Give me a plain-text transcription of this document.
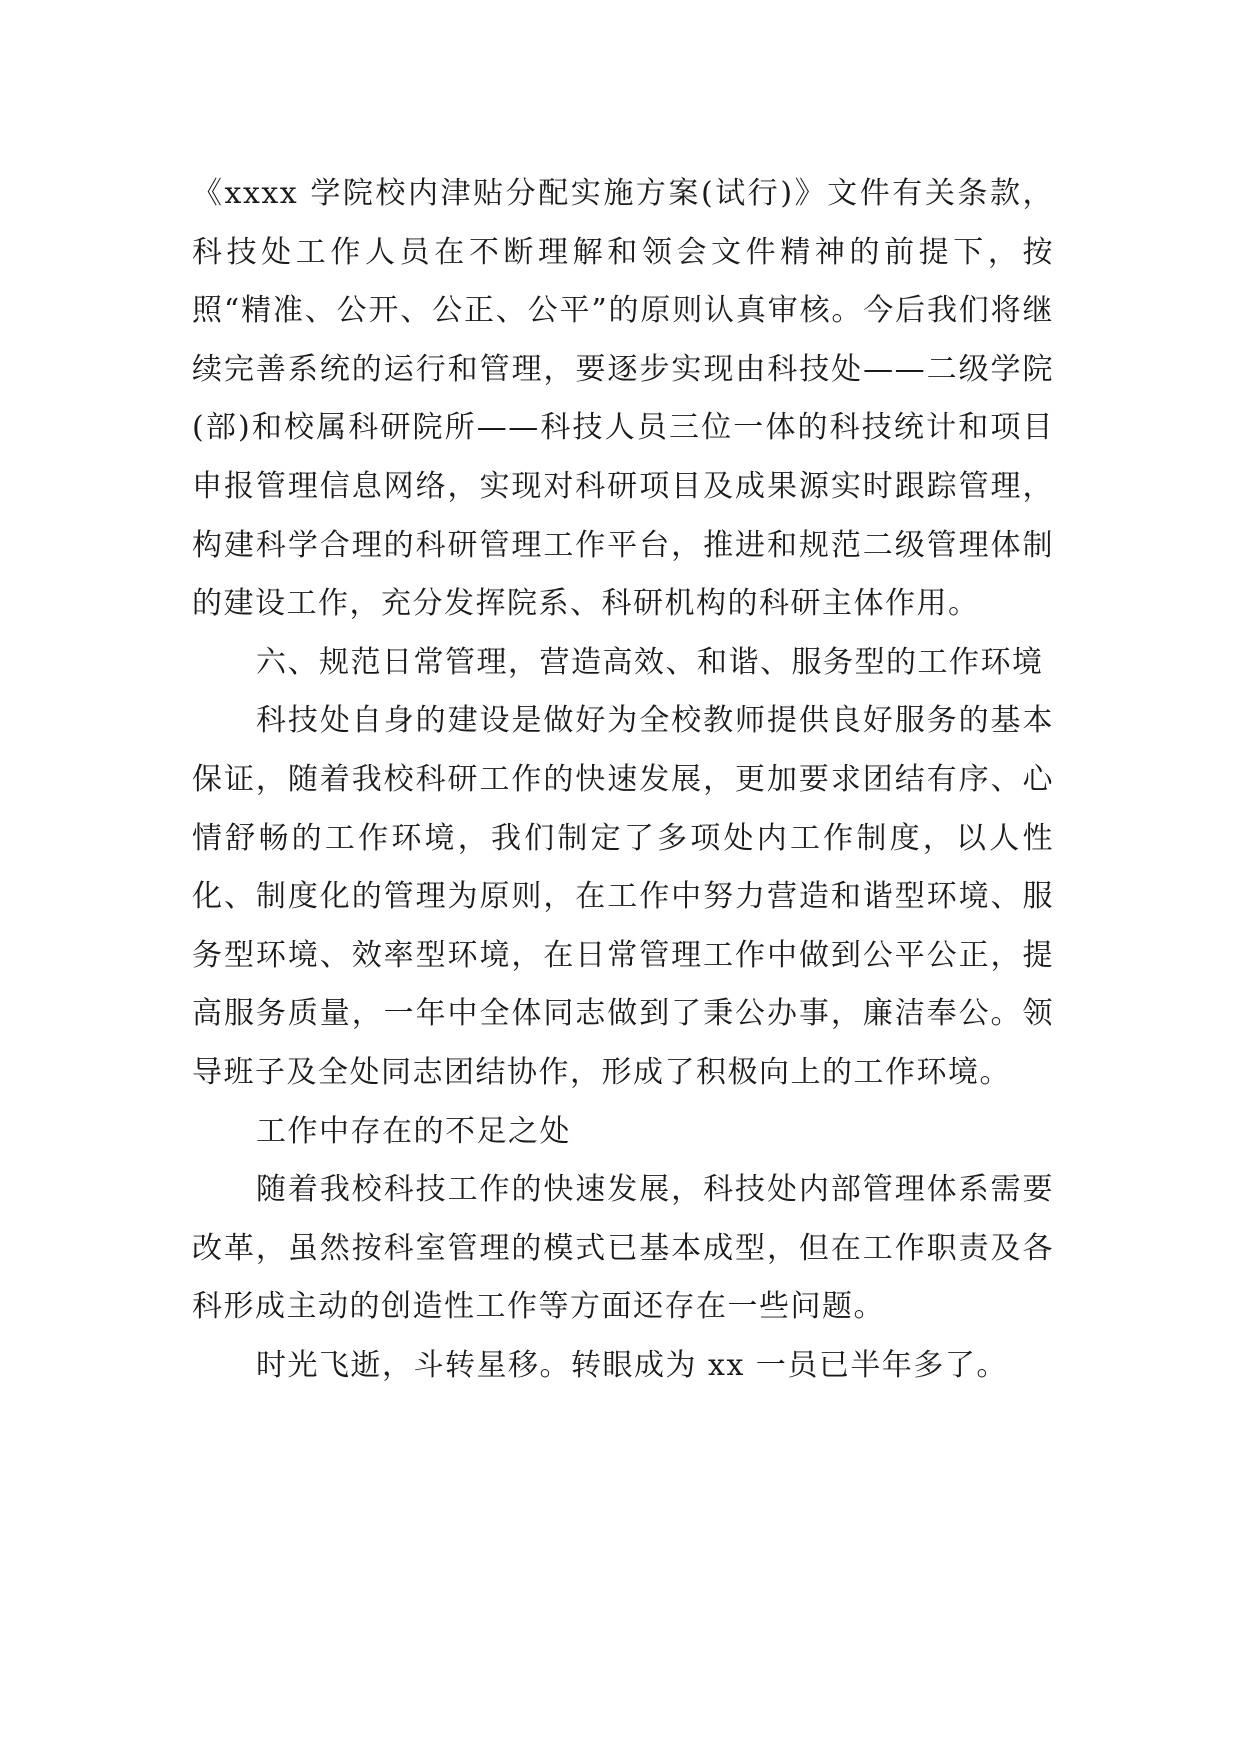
《xxxx 学院校内津贴分配实施方案(试行)》文件有关条款，科技处工作人员在不断理解和领会文件精神的前提下，按照“精准、公开、公正、公平”的原则认真审核。今后我们将继续完善系统的运行和管理，要逐步实现由科技处——二级学院(部)和校属科研院所——科技人员三位一体的科技统计和项目申报管理信息网络，实现对科研项目及成果源实时跟踪管理，构建科学合理的科研管理工作平台，推进和规范二级管理体制的建设工作，充分发挥院系、科研机构的科研主体作用。

六、规范日常管理，营造高效、和谐、服务型的工作环境

科技处自身的建设是做好为全校教师提供良好服务的基本保证，随着我校科研工作的快速发展，更加要求团结有序、心情舒畅的工作环境，我们制定了多项处内工作制度，以人性化、制度化的管理为原则，在工作中努力营造和谐型环境、服务型环境、效率型环境，在日常管理工作中做到公平公正，提高服务质量，一年中全体同志做到了秉公办事，廉洁奉公。领导班子及全处同志团结协作，形成了积极向上的工作环境。

工作中存在的不足之处

随着我校科技工作的快速发展，科技处内部管理体系需要改革，虽然按科室管理的模式已基本成型，但在工作职责及各科形成主动的创造性工作等方面还存在一些问题。

时光飞逝，斗转星移。转眼成为 xx 一员已半年多了。
